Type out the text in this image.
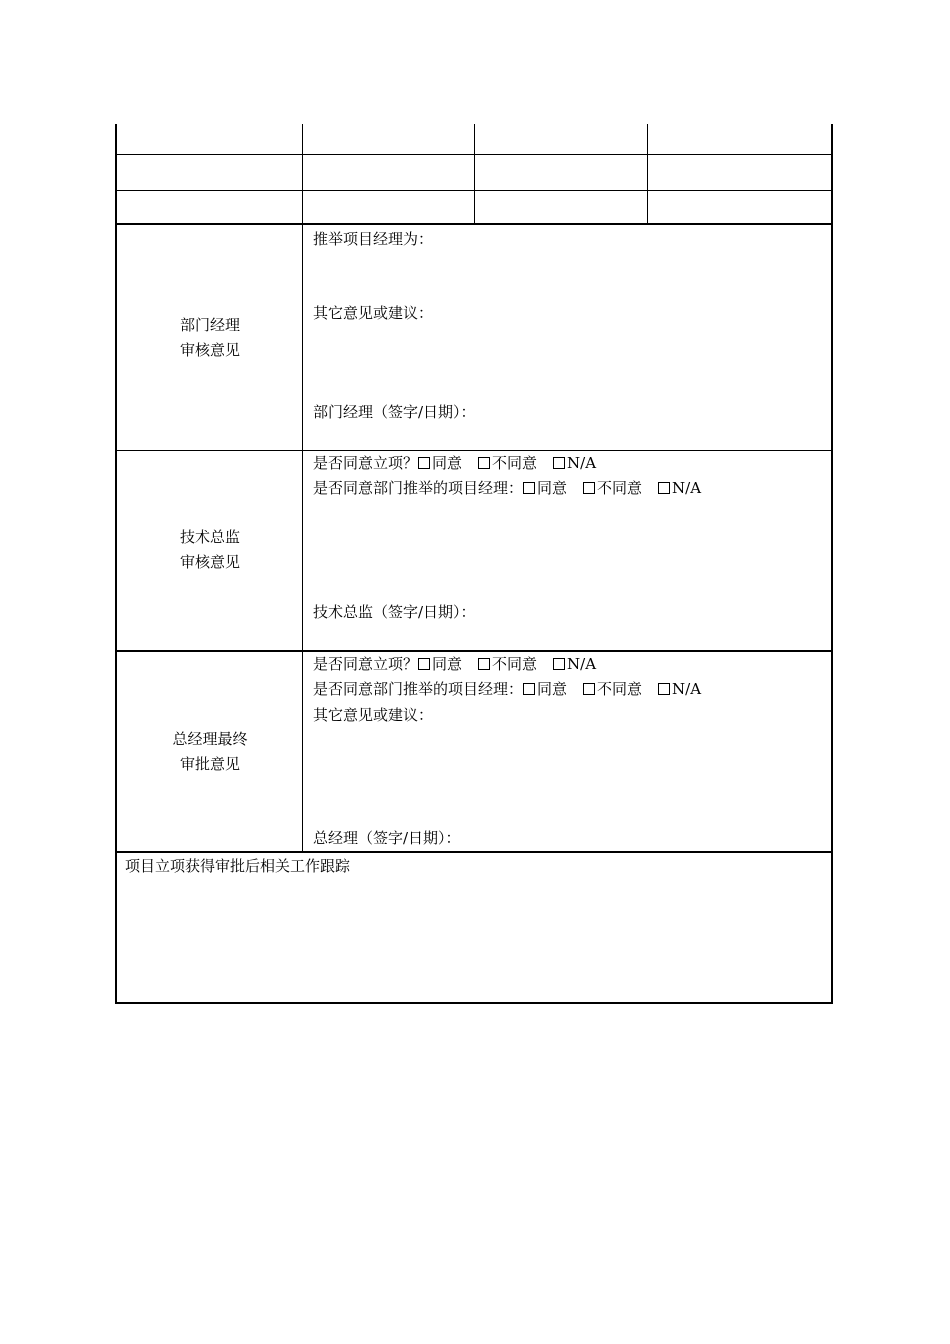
部门经理
审核意见
推举项目经理为：
其它意见或建议：
部门经理（签字/日期）：
技术总监
审核意见
是否同意立项？ 同意 不同意 N/A
是否同意部门推举的项目经理： 同意 不同意 N/A
技术总监（签字/日期）：
总经理最终
审批意见
是否同意立项？ 同意 不同意 N/A
是否同意部门推举的项目经理： 同意 不同意 N/A
其它意见或建议：
总经理（签字/日期）：
项目立项获得审批后相关工作跟踪
